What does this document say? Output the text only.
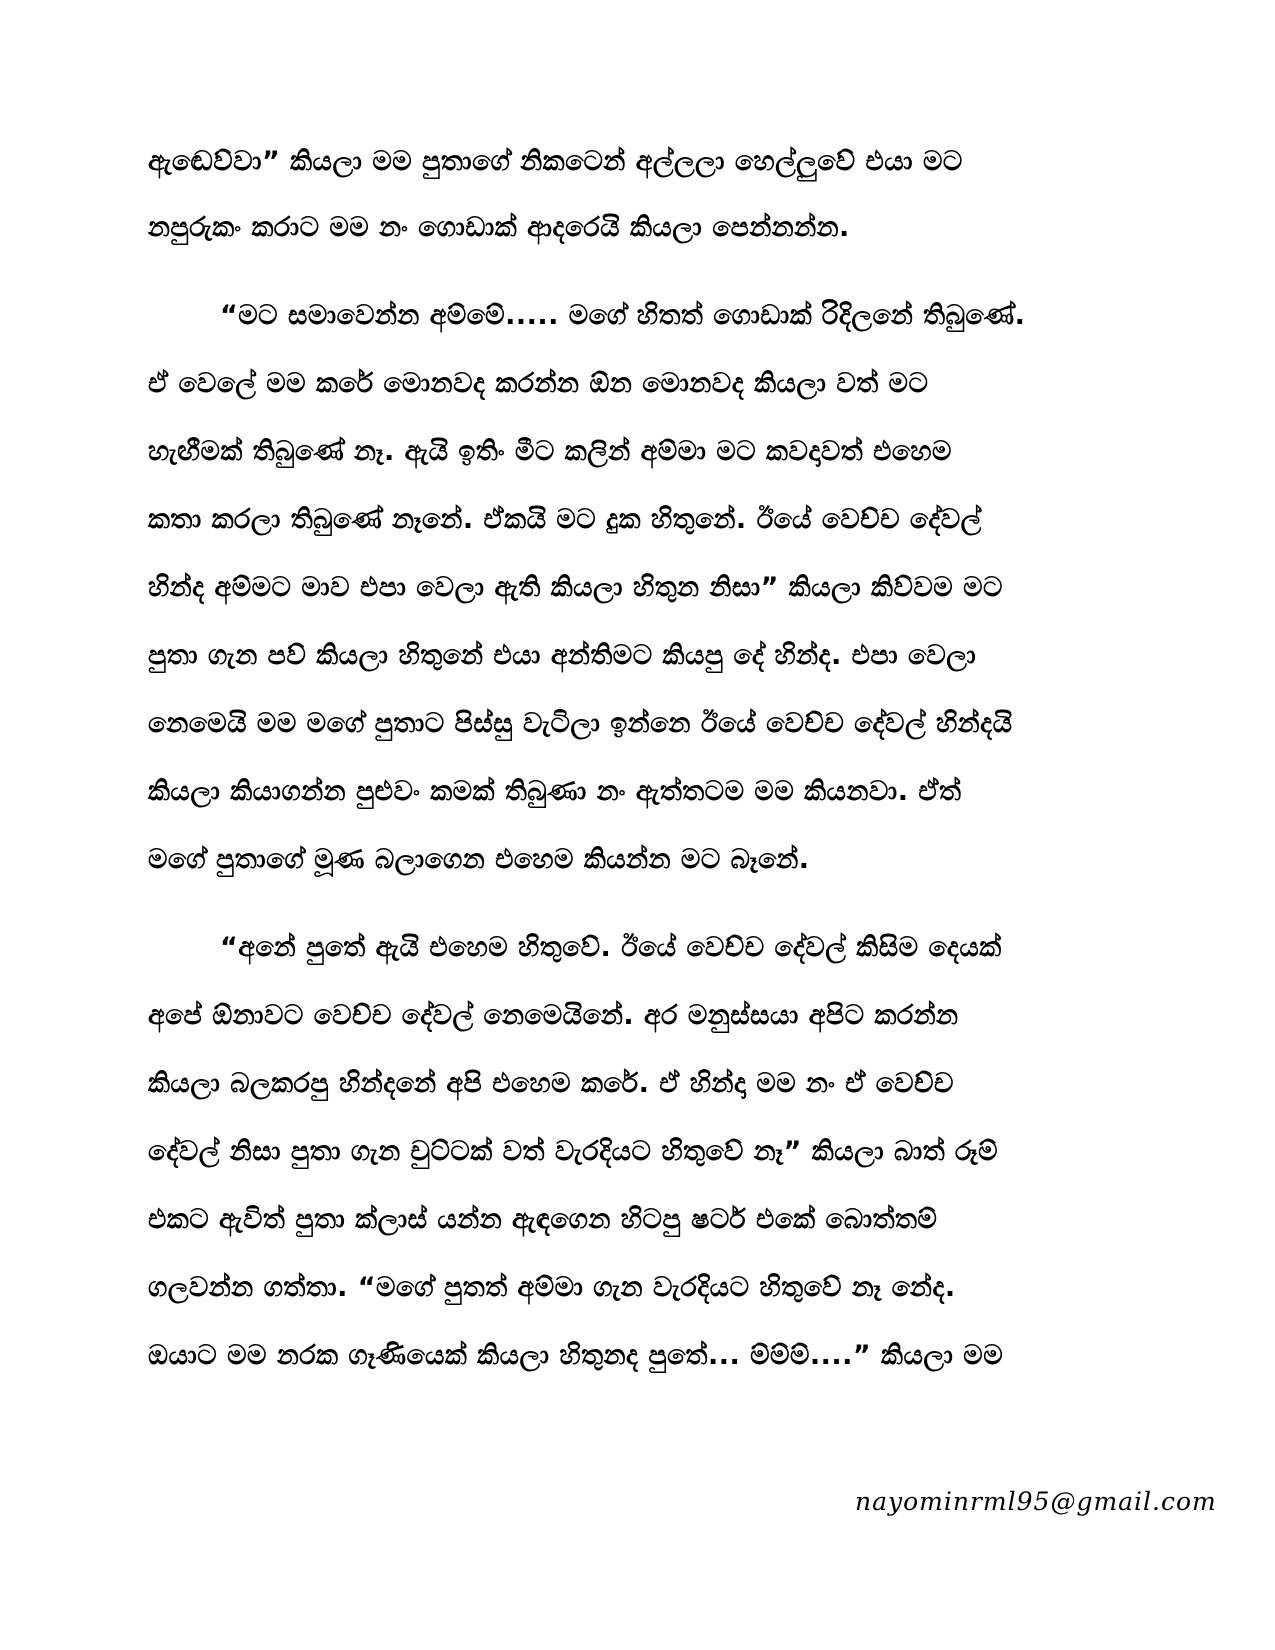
ඇඬෙව්වා” කියලා මම පුතාගේ නිකටෙන් අල්ලලා හෙල්ලුවේ එයා මට
නපුරුකං කරාට මම නං ගොඩාක් ආදරෙයි කියලා පෙන්නන්න.
“මට සමාවෙන්න අම්මේ..... මගේ හිතත් ගොඩාක් රිදිලනේ තිබුණේ.
ඒ වෙලේ මම කරේ මොනවද කරන්න ඕන මොනවද කියලා වත් මට
හැඟීමක් තිබුණේ නෑ. ඇයි ඉතිං මීට කලින් අම්මා මට කවදාවත් එහෙම
කතා කරලා තිබුණේ නෑනේ. ඒකයි මට දුක හිතුනේ. ඊයේ වෙච්ච දේවල්
හින්ද අම්මට මාව එපා වෙලා ඇති කියලා හිතුන නිසා” කියලා කිව්වම මට
පුතා ගැන පව් කියලා හිතුනේ එයා අන්තිමට කියපු දේ හින්ද. එපා වෙලා
නෙමෙයි මම මගේ පුතාට පිස්සු වැටිලා ඉන්නෙ ඊයේ වෙච්ච දේවල් හින්දයි
කියලා කියාගන්න පුළුවං කමක් තිබුණා නං ඇත්තටම මම කියනවා. ඒත්
මගේ පුතාගේ මූණ බලාගෙන එහෙම කියන්න මට බෑනේ.
“අනේ පුතේ ඇයි එහෙම හිතුවේ. ඊයේ වෙච්ච දේවල් කිසිම දෙයක්
අපේ ඕනාවට වෙච්ච දේවල් නෙමෙයිනේ. අර මනුස්සයා අපිට කරන්න
කියලා බලකරපු හින්දනේ අපි එහෙම කරේ. ඒ හින්දා මම නං ඒ වෙච්ච
දේවල් නිසා පුතා ගැන චුට්ටක් වත් වැරදියට හිතුවේ නෑ” කියලා බාත් රූම්
එකට ඇවිත් පුතා ක්ලාස් යන්න ඇඳගෙන හිටපු ෂර්ට එකේ බොත්තම්
ගලවන්න ගත්තා. “මගේ පුතත් අම්මා ගැන වැරදියට හිතුවේ නෑ නේද.
ඔයාට මම නරක ගෑණියෙක් කියලා හිතුනද පුතේ... ම්ම්ම්....” කියලා මම
nayominrml95@gmail.com
